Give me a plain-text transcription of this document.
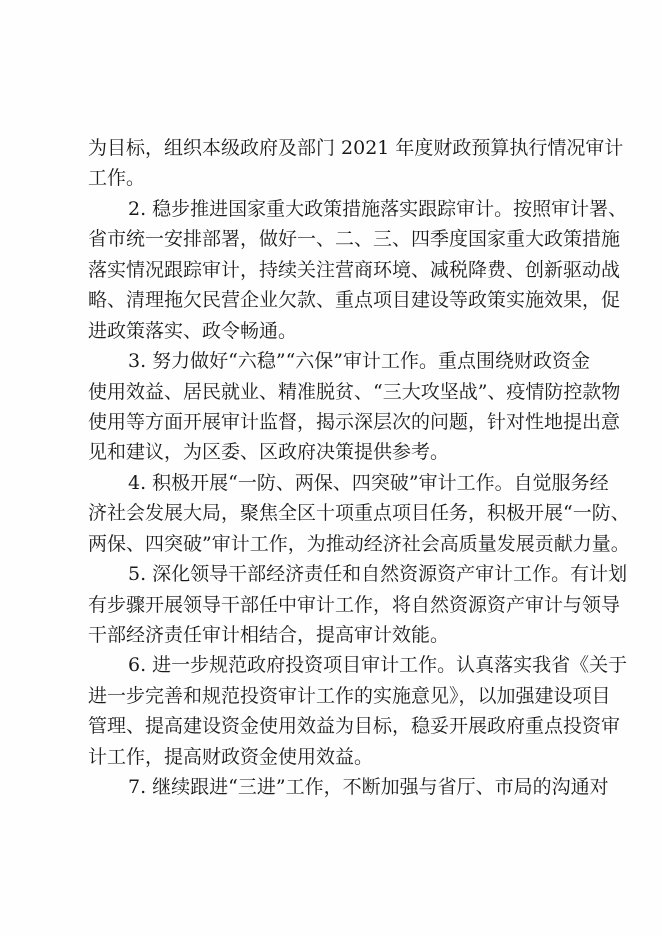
为目标，组织本级政府及部门 2021 年度财政预算执行情况审计
工作。
2. 稳步推进国家重大政策措施落实跟踪审计。按照审计署、
省市统一安排部署，做好一、二、三、四季度国家重大政策措施
落实情况跟踪审计，持续关注营商环境、减税降费、创新驱动战
略、清理拖欠民营企业欠款、重点项目建设等政策实施效果，促
进政策落实、政令畅通。
3. 努力做好“六稳”“六保”审计工作。重点围绕财政资金
使用效益、居民就业、精准脱贫、“三大攻坚战”、疫情防控款物
使用等方面开展审计监督，揭示深层次的问题，针对性地提出意
见和建议，为区委、区政府决策提供参考。
4. 积极开展“一防、两保、四突破”审计工作。自觉服务经
济社会发展大局，聚焦全区十项重点项目任务，积极开展“一防、
两保、四突破”审计工作，为推动经济社会高质量发展贡献力量。
5. 深化领导干部经济责任和自然资源资产审计工作。有计划
有步骤开展领导干部任中审计工作，将自然资源资产审计与领导
干部经济责任审计相结合，提高审计效能。
6. 进一步规范政府投资项目审计工作。认真落实我省《关于
进一步完善和规范投资审计工作的实施意见》，以加强建设项目
管理、提高建设资金使用效益为目标，稳妥开展政府重点投资审
计工作，提高财政资金使用效益。
7. 继续跟进“三进”工作，不断加强与省厅、市局的沟通对
